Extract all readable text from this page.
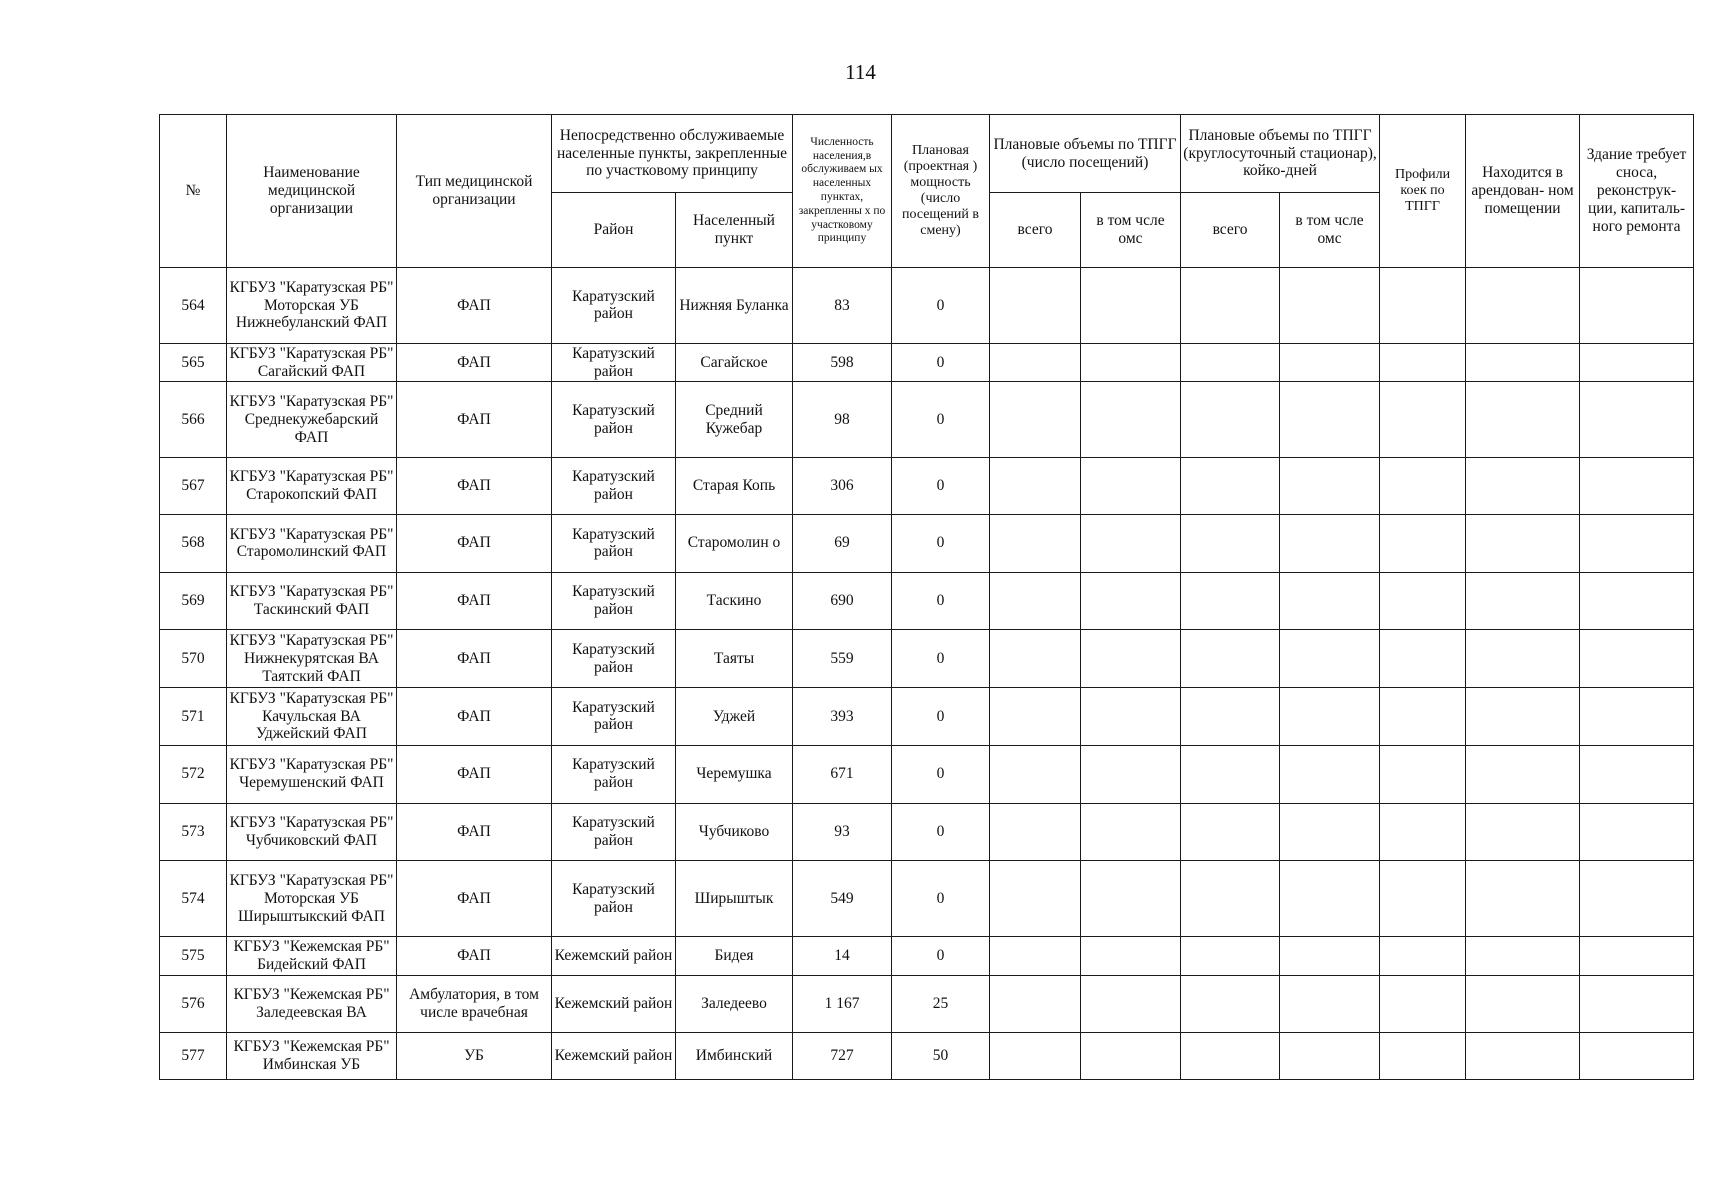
114
№	Наименование медицинской организации	Тип медицинской организации	Непосредственно обслуживаемые населенные пункты, закрепленные по участковому принципу		Численность населения,в обслуживаем ых населенных пунктах, закрепленны х по участковому принципу	Плановая (проектная ) мощность (число посещений в смену)	Плановые объемы по ТПГГ (число посещений)		Плановые объемы по ТПГГ (круглосуточный стационар), койко-дней		Профили коек по ТПГГ	Находится в арендован- ном помещении	Здание требует сноса, реконструк- ции, капиталь- ного ремонта
			Район	Населенный пункт			всего	в том чсле омс	всего	в том чсле омс			
564	КГБУЗ "Каратузская РБ" Моторская УБ Нижнебуланский ФАП	ФАП	Каратузский район	Нижняя Буланка	83	0							
565	КГБУЗ "Каратузская РБ" Сагайский ФАП	ФАП	Каратузский район	Сагайское	598	0							
566	КГБУЗ "Каратузская РБ" Среднекужебарский ФАП	ФАП	Каратузский район	Средний Кужебар	98	0							
567	КГБУЗ "Каратузская РБ" Старокопский ФАП	ФАП	Каратузский район	Старая Копь	306	0							
568	КГБУЗ "Каратузская РБ" Старомолинский ФАП	ФАП	Каратузский район	Старомолин о	69	0							
569	КГБУЗ "Каратузская РБ" Таскинский ФАП	ФАП	Каратузский район	Таскино	690	0							
570	КГБУЗ "Каратузская РБ" Нижнекурятская ВА Таятский ФАП	ФАП	Каратузский район	Таяты	559	0							
571	КГБУЗ "Каратузская РБ" Качульская ВА Уджейский ФАП	ФАП	Каратузский район	Уджей	393	0							
572	КГБУЗ "Каратузская РБ" Черемушенский ФАП	ФАП	Каратузский район	Черемушка	671	0							
573	КГБУЗ "Каратузская РБ" Чубчиковский ФАП	ФАП	Каратузский район	Чубчиково	93	0							
574	КГБУЗ "Каратузская РБ" Моторская УБ Ширыштыкский ФАП	ФАП	Каратузский район	Ширыштык	549	0							
575	КГБУЗ "Кежемская РБ" Бидейский ФАП	ФАП	Кежемский район	Бидея	14	0							
576	КГБУЗ "Кежемская РБ" Заледеевская ВА	Амбулатория, в том числе врачебная	Кежемский район	Заледеево	1 167	25							
577	КГБУЗ "Кежемская РБ" Имбинская УБ	УБ	Кежемский район	Имбинский	727	50							
